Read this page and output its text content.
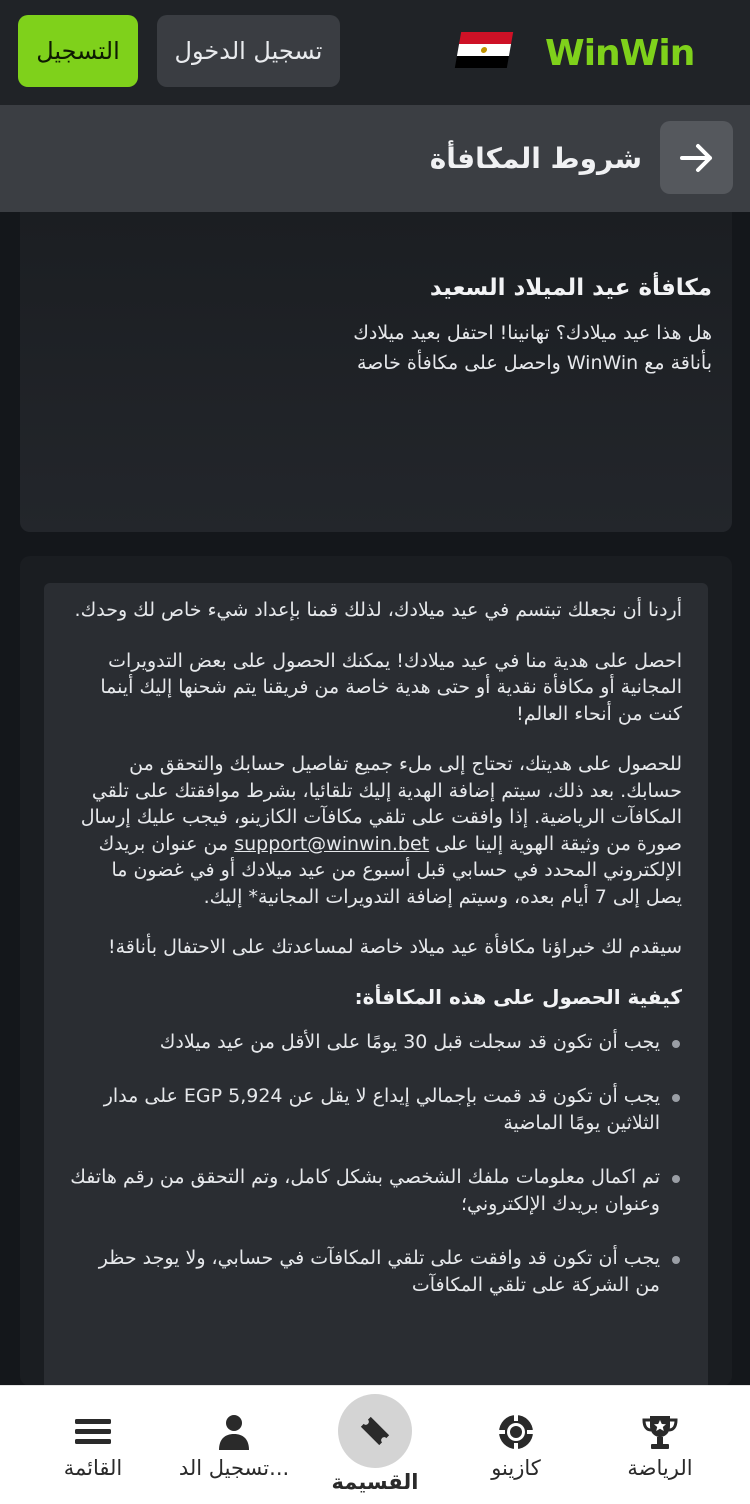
التسجيل	تسجيل الدخول	WinWin
شروط المكافأة
مكافأة عيد الميلاد السعيد
هل هذا عيد ميلادك؟ تهانينا! احتفل بعيد ميلادك بأناقة مع WinWin واحصل على مكافأة خاصة

أردنا أن نجعلك تبتسم في عيد ميلادك، لذلك قمنا بإعداد شيء خاص لك وحدك.

احصل على هدية منا في عيد ميلادك! يمكنك الحصول على بعض التدويرات المجانية أو مكافأة نقدية أو حتى هدية خاصة من فريقنا يتم شحنها إليك أينما كنت من أنحاء العالم!

للحصول على هديتك، تحتاج إلى ملء جميع تفاصيل حسابك والتحقق من حسابك. بعد ذلك، سيتم إضافة الهدية إليك تلقائيا، بشرط موافقتك على تلقي المكافآت الرياضية. إذا وافقت على تلقي مكافآت الكازينو، فيجب عليك إرسال صورة من وثيقة الهوية إلينا على support@winwin.bet من عنوان بريدك الإلكتروني المحدد في حسابي قبل أسبوع من عيد ميلادك أو في غضون ما يصل إلى 7 أيام بعده، وسيتم إضافة التدويرات المجانية* إليك.

سيقدم لك خبراؤنا مكافأة عيد ميلاد خاصة لمساعدتك على الاحتفال بأناقة!

كيفية الحصول على هذه المكافأة:

يجب أن تكون قد سجلت قبل 30 يومًا على الأقل من عيد ميلادك
يجب أن تكون قد قمت بإجمالي إيداع لا يقل عن EGP 5,924 على مدار الثلاثين يومًا الماضية
تم اكمال معلومات ملفك الشخصي بشكل كامل، وتم التحقق من رقم هاتفك وعنوان بريدك الإلكتروني؛
يجب أن تكون قد وافقت على تلقي المكافآت في حسابي، ولا يوجد حظر من الشركة على تلقي المكافآت
الرياضة
كازينو
القسيمة
تسجيل الد...
القائمة
